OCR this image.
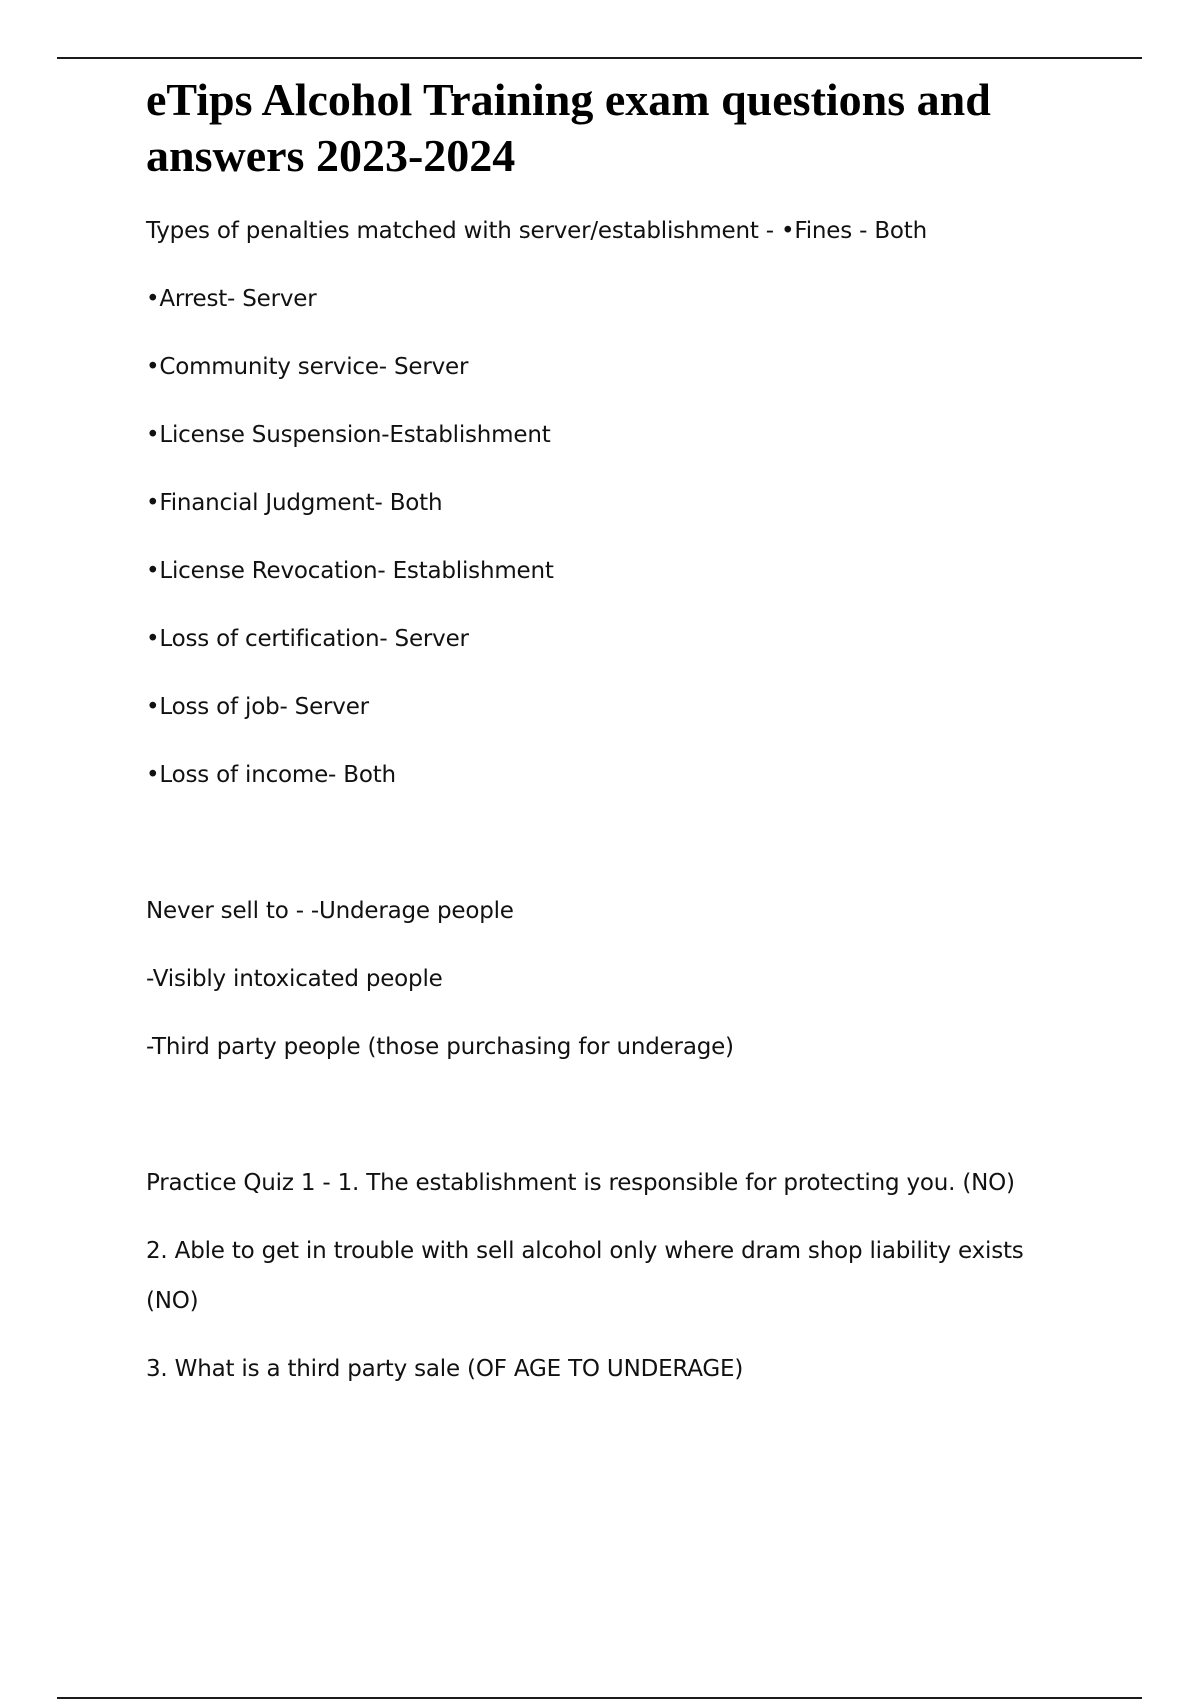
eTips Alcohol Training exam questions and answers 2023-2024

Types of penalties matched with server/establishment - •Fines - Both

•Arrest- Server

•Community service- Server

•License Suspension-Establishment

•Financial Judgment- Both

•License Revocation- Establishment

•Loss of certification- Server

•Loss of job- Server

•Loss of income- Both

Never sell to - -Underage people

-Visibly intoxicated people

-Third party people (those purchasing for underage)

Practice Quiz 1 - 1. The establishment is responsible for protecting you. (NO)

2. Able to get in trouble with sell alcohol only where dram shop liability exists (NO)

3. What is a third party sale (OF AGE TO UNDERAGE)
